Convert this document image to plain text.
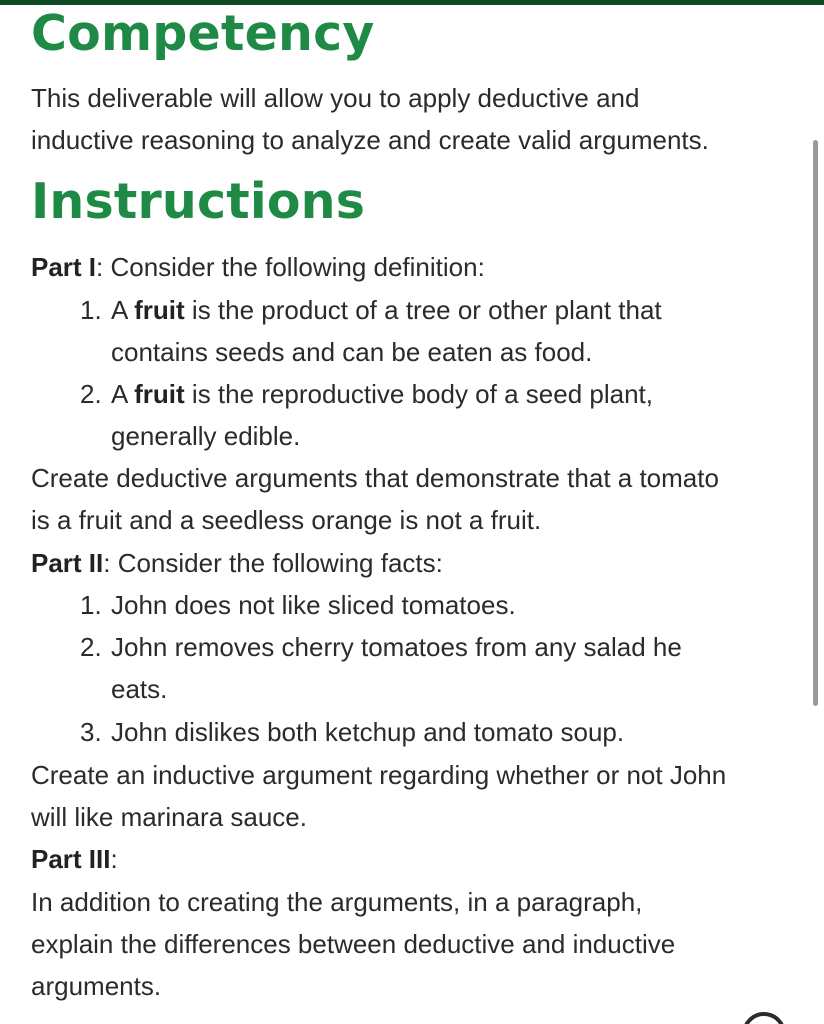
Competency

This deliverable will allow you to apply deductive and

inductive reasoning to analyze and create valid arguments.

Instructions

Part I: Consider the following definition:

1. A fruit is the product of a tree or other plant that
contains seeds and can be eaten as food.
2. A fruit is the reproductive body of a seed plant,
generally edible.

Create deductive arguments that demonstrate that a tomato

is a fruit and a seedless orange is not a fruit.

Part II: Consider the following facts:

1. John does not like sliced tomatoes.
2. John removes cherry tomatoes from any salad he
eats.
3. John dislikes both ketchup and tomato soup.

Create an inductive argument regarding whether or not John

will like marinara sauce.

Part III:

In addition to creating the arguments, in a paragraph,

explain the differences between deductive and inductive

arguments.
